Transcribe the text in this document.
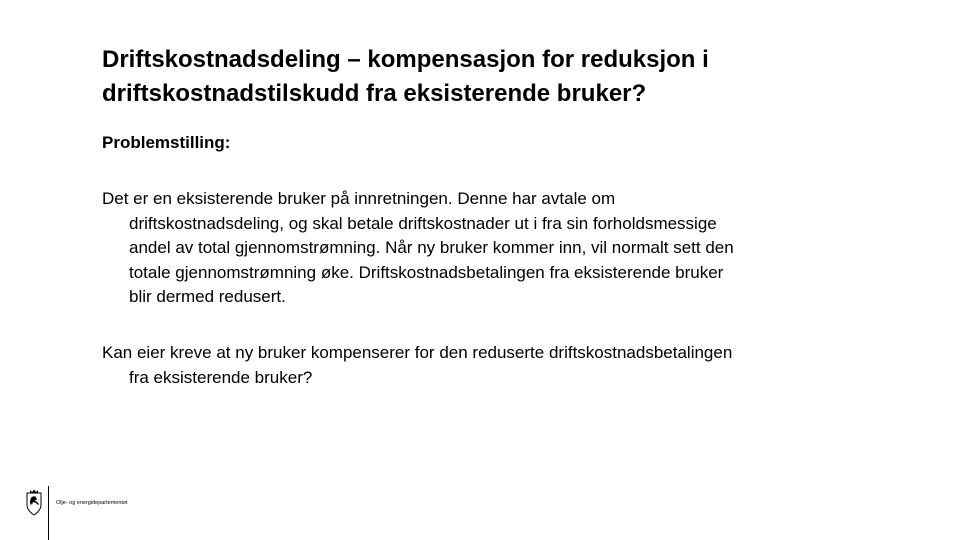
Driftskostnadsdeling – kompensasjon for reduksjon i
driftskostnadstilskudd fra eksisterende bruker?

Problemstilling:

Det er en eksisterende bruker på innretningen. Denne har avtale om
driftskostnadsdeling, og skal betale driftskostnader ut i fra sin forholdsmessige
andel av total gjennomstrømning. Når ny bruker kommer inn, vil normalt sett den
totale gjennomstrømning øke. Driftskostnadsbetalingen fra eksisterende bruker
blir dermed redusert.

Kan eier kreve at ny bruker kompenserer for den reduserte driftskostnadsbetalingen
fra eksisterende bruker?

Olje- og energidepartementet
